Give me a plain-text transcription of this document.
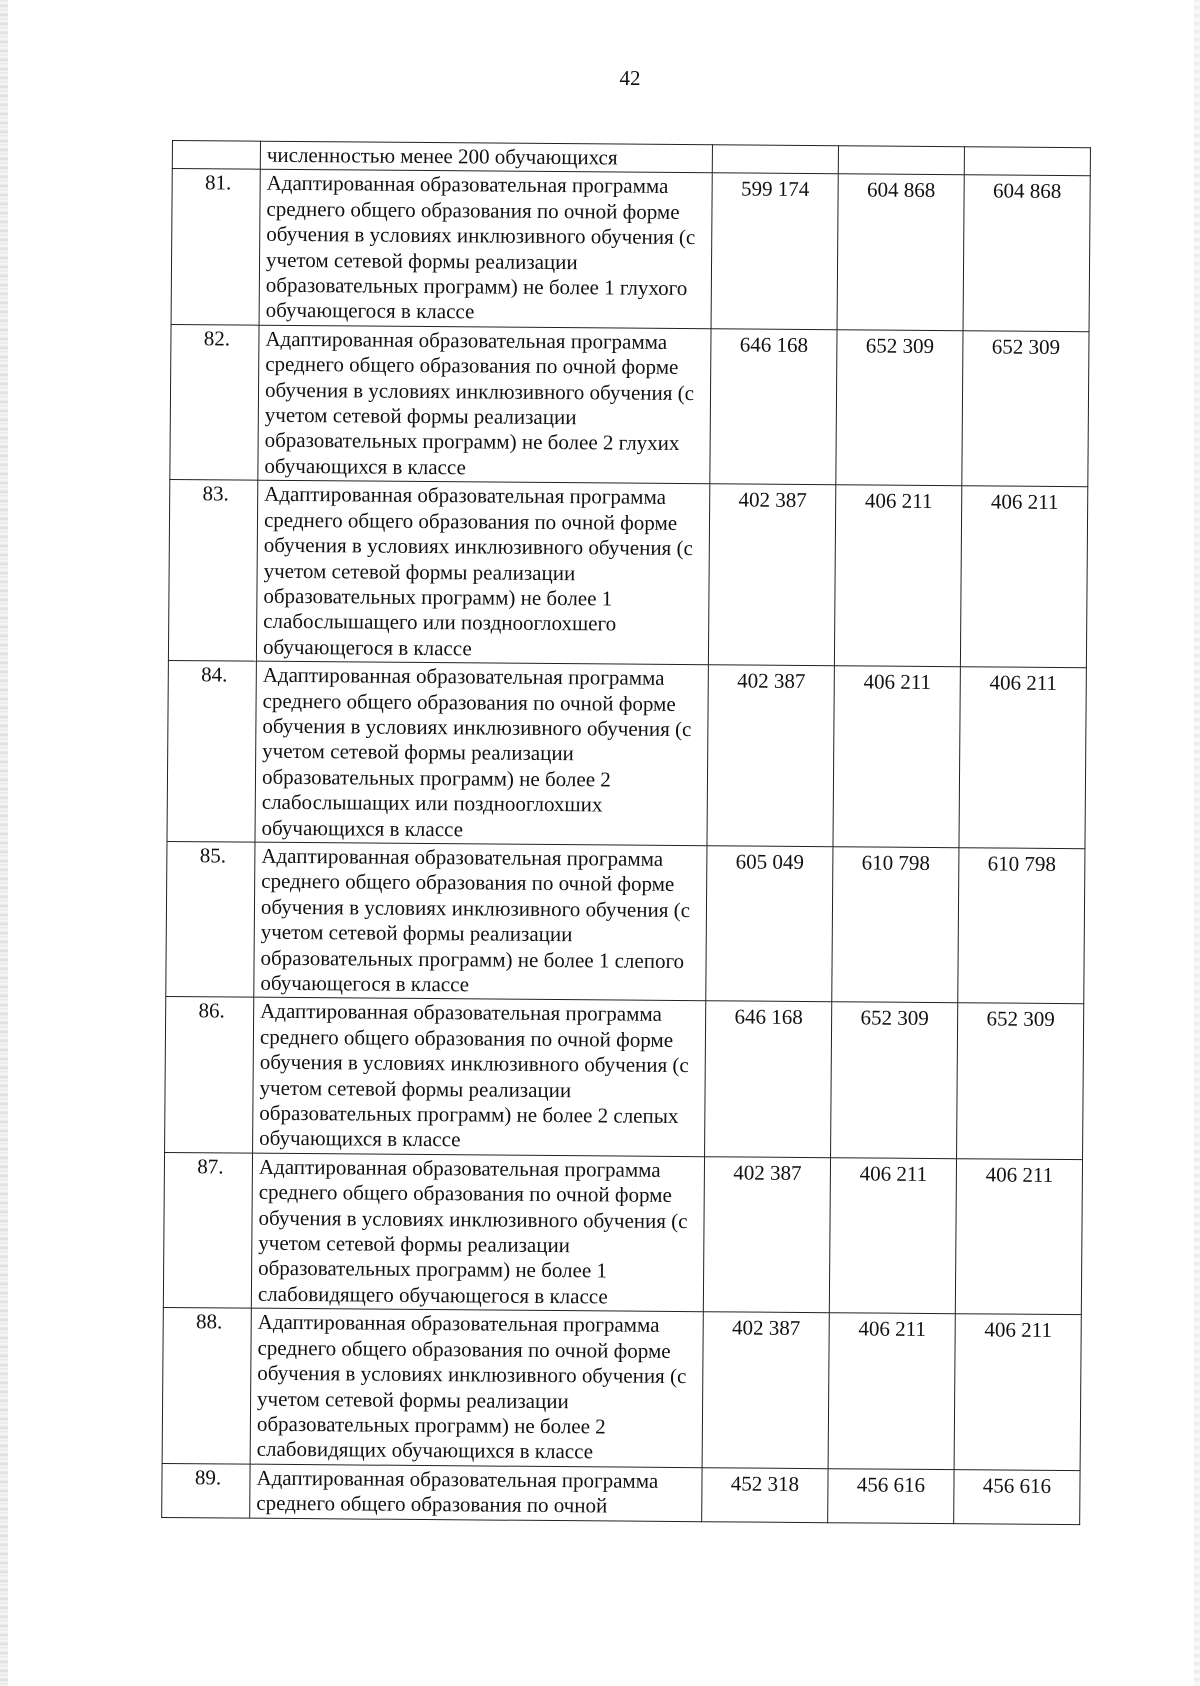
42
	численностью менее 200 обучающихся			
81.	Адаптированная образовательная программа среднего общего образования по очной форме обучения в условиях инклюзивного обучения (с учетом сетевой формы реализации образовательных программ) не более 1 глухого обучающегося в классе	599 174	604 868	604 868
82.	Адаптированная образовательная программа среднего общего образования по очной форме обучения в условиях инклюзивного обучения (с учетом сетевой формы реализации образовательных программ) не более 2 глухих обучающихся в классе	646 168	652 309	652 309
83.	Адаптированная образовательная программа среднего общего образования по очной форме обучения в условиях инклюзивного обучения (с учетом сетевой формы реализации образовательных программ) не более 1 слабослышащего или позднооглохшего обучающегося в классе	402 387	406 211	406 211
84.	Адаптированная образовательная программа среднего общего образования по очной форме обучения в условиях инклюзивного обучения (с учетом сетевой формы реализации образовательных программ) не более 2 слабослышащих или позднооглохших обучающихся в классе	402 387	406 211	406 211
85.	Адаптированная образовательная программа среднего общего образования по очной форме обучения в условиях инклюзивного обучения (с учетом сетевой формы реализации образовательных программ) не более 1 слепого обучающегося в классе	605 049	610 798	610 798
86.	Адаптированная образовательная программа среднего общего образования по очной форме обучения в условиях инклюзивного обучения (с учетом сетевой формы реализации образовательных программ) не более 2 слепых обучающихся в классе	646 168	652 309	652 309
87.	Адаптированная образовательная программа среднего общего образования по очной форме обучения в условиях инклюзивного обучения (с учетом сетевой формы реализации образовательных программ) не более 1 слабовидящего обучающегося в классе	402 387	406 211	406 211
88.	Адаптированная образовательная программа среднего общего образования по очной форме обучения в условиях инклюзивного обучения (с учетом сетевой формы реализации образовательных программ) не более 2 слабовидящих обучающихся в классе	402 387	406 211	406 211
89.	Адаптированная образовательная программа среднего общего образования по очной	452 318	456 616	456 616
